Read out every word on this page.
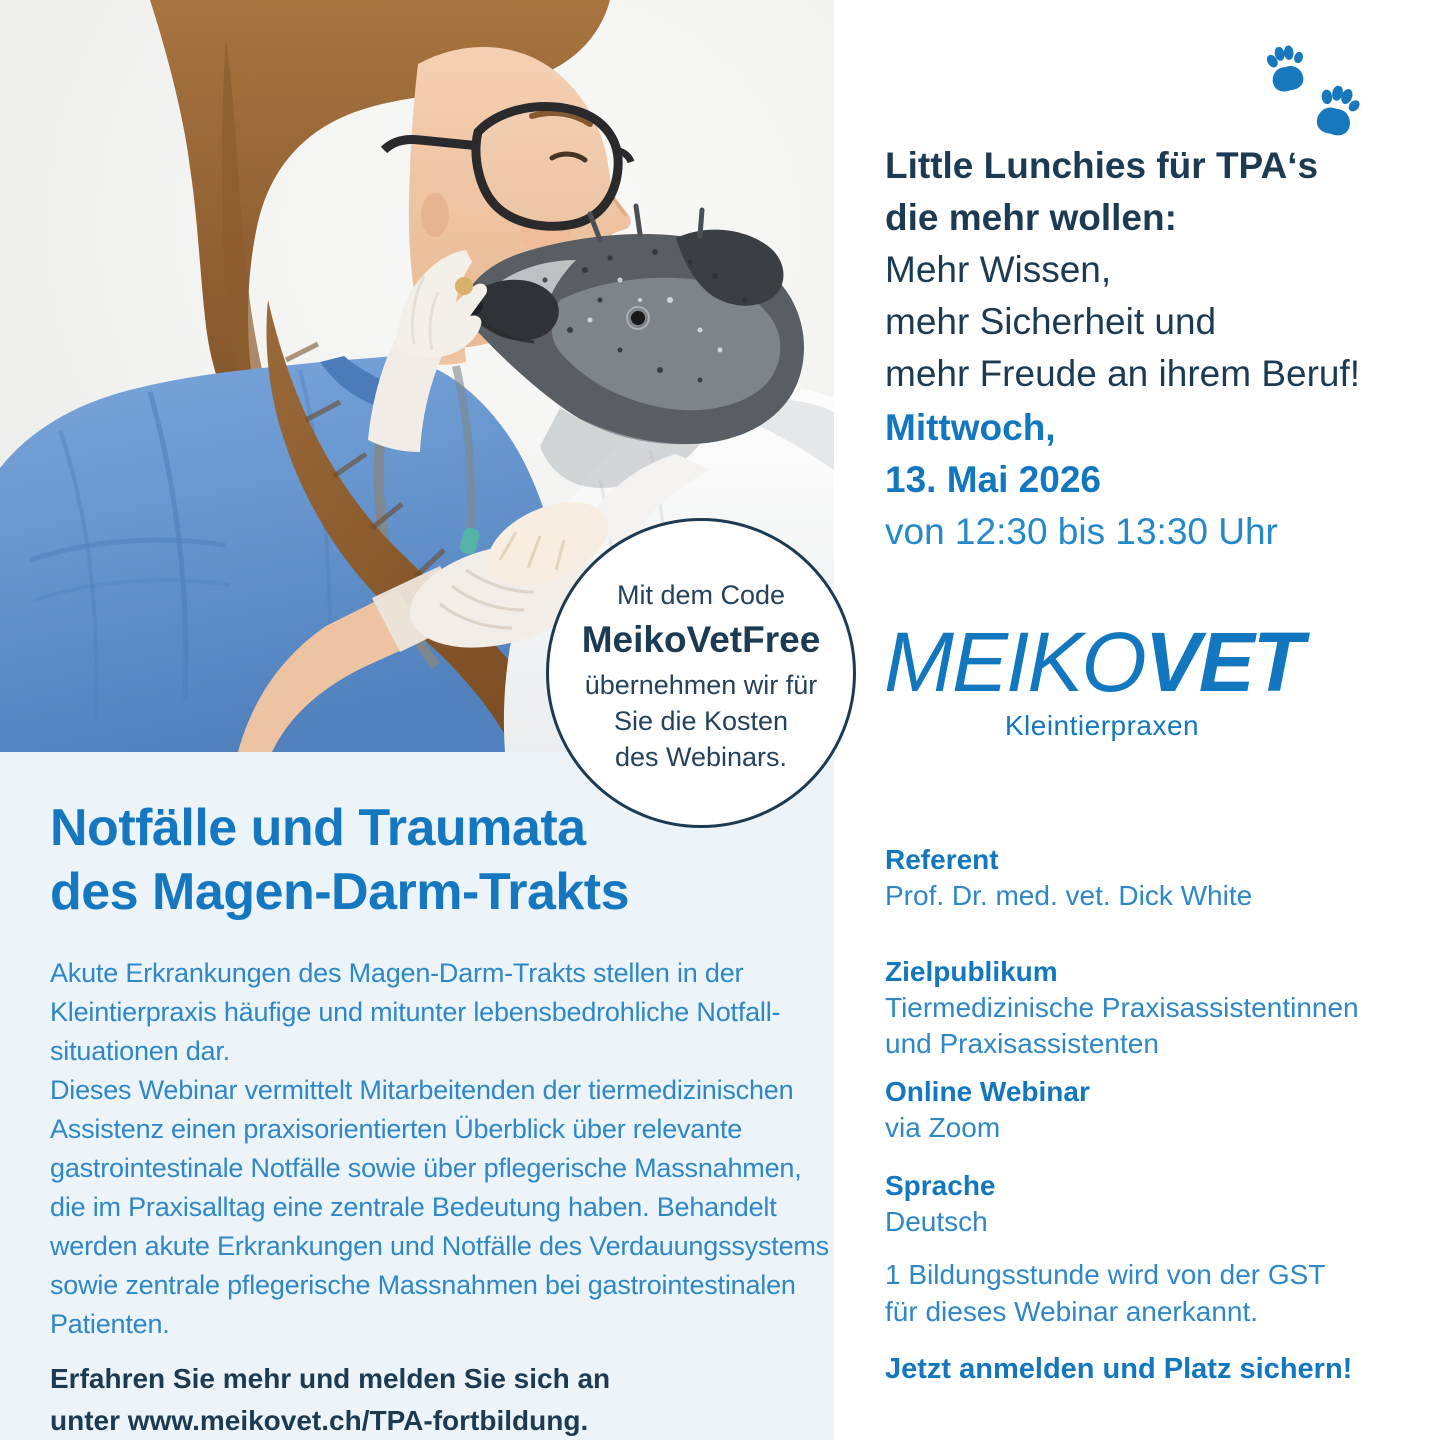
Notfälle und Traumata
des Magen-Darm-Trakts
Akute Erkrankungen des Magen-Darm-Trakts stellen in der
Kleintierpraxis häufige und mitunter lebensbedrohliche Notfall-
situationen dar.
Dieses Webinar vermittelt Mitarbeitenden der tiermedizinischen
Assistenz einen praxisorientierten Überblick über relevante
gastrointestinale Notfälle sowie über pflegerische Massnahmen,
die im Praxisalltag eine zentrale Bedeutung haben. Behandelt
werden akute Erkrankungen und Notfälle des Verdauungssystems
sowie zentrale pflegerische Massnahmen bei gastrointestinalen
Patienten.
Erfahren Sie mehr und melden Sie sich an
unter www.meikovet.ch/TPA-fortbildung.
Mit dem Code
MeikoVetFree
übernehmen wir für
Sie die Kosten
des Webinars.
Little Lunchies für TPA‘s
die mehr wollen:
Mehr Wissen,
mehr Sicherheit und
mehr Freude an ihrem Beruf!
Mittwoch,
13. Mai 2026
von 12:30 bis 13:30 Uhr
MEIKOVET
Kleintierpraxen
Referent
Prof. Dr. med. vet. Dick White
Zielpublikum
Tiermedizinische Praxisassistentinnen
und Praxisassistenten
Online Webinar
via Zoom
Sprache
Deutsch
1 Bildungsstunde wird von der GST
für dieses Webinar anerkannt.
Jetzt anmelden und Platz sichern!
